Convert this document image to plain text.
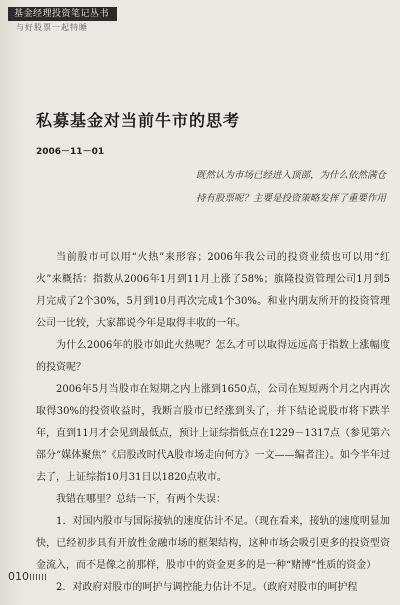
基金经理投资笔记丛书
与好股票一起特睡
私募基金对当前牛市的思考
2006－11－01
既然认为市场已经进入顶部，为什么依然满仓持有股票呢？主要是投资策略发挥了重要作用

当前股市可以用“火热”来形容；2006年我公司的投资业绩也可以用“红火”来概括：指数从2006年1月到11月上涨了58%；旗隆投资管理公司1月到5月完成了2个30%，5月到10月再次完成1个30%。和业内朋友所开的投资管理公司一比较，大家都说今年是取得丰收的一年。

为什么2006年的股市如此火热呢？怎么才可以取得远远高于指数上涨幅度的投资呢？

2006年5月当股市在短期之内上涨到1650点，公司在短短两个月之内再次取得30%的投资收益时，我断言股市已经涨到头了，并下结论说股市将下跌半年，直到11月才会见到最低点，预计上证综指低点在1229－1317点（参见第六部分“媒体聚焦”《启股改时代A股市场走向何方》一文——编者注）。如今半年过去了，上证综指10月31日以1820点收市。

我错在哪里？总结一下，有两个失误：

1．对国内股市与国际接轨的速度估计不足。（现在看来，接轨的速度明显加快，已经初步具有开放性金融市场的框架结构，这种市场会吸引更多的投资型资金流入，而不是像之前那样，股市中的资金更多的是一种“赌博”性质的资金）

2．对政府对股市的呵护与调控能力估计不足。（政府对股市的呵护程

010
